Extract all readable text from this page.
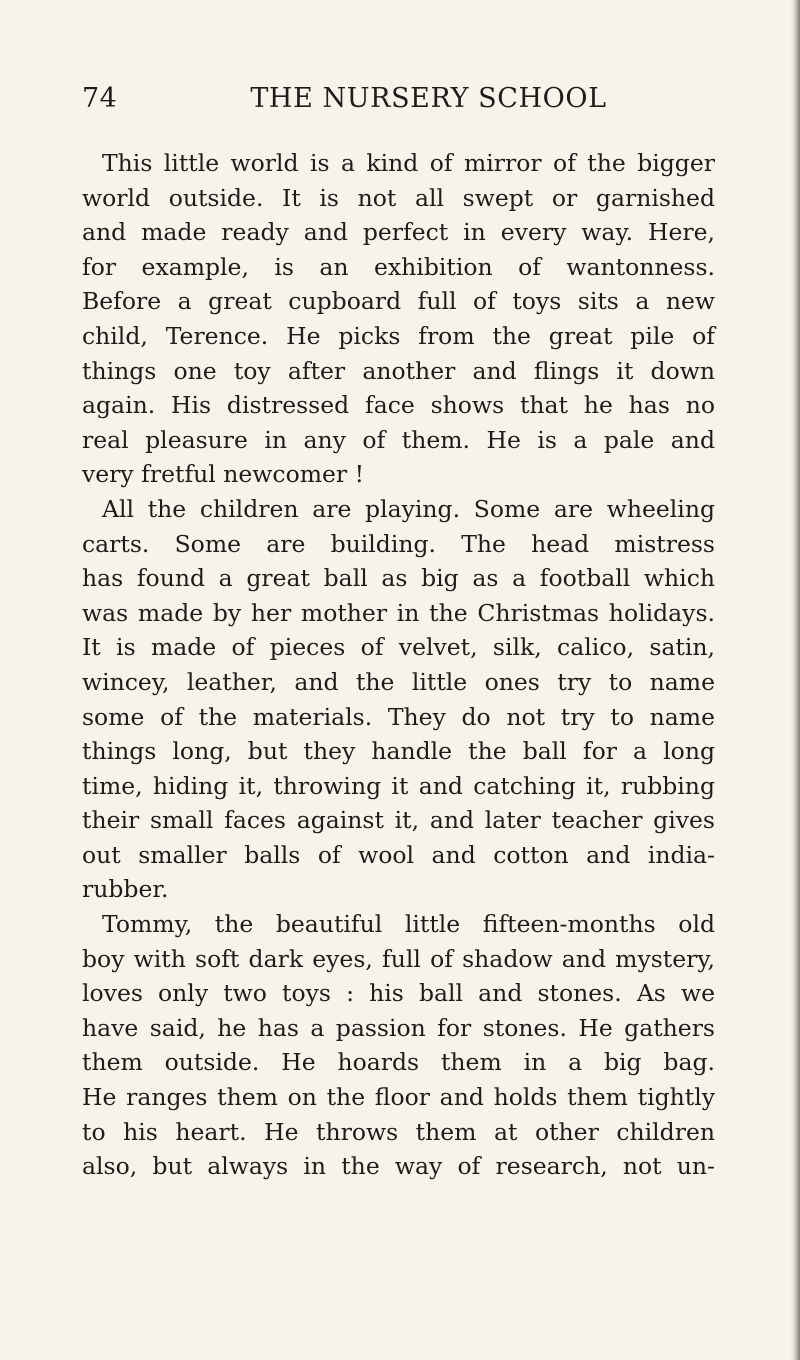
74	THE NURSERY SCHOOL
This little world is a kind of mirror of the bigger
world outside. It is not all swept or garnished
and made ready and perfect in every way. Here,
for example, is an exhibition of wantonness.
Before a great cupboard full of toys sits a new
child, Terence. He picks from the great pile of
things one toy after another and flings it down
again. His distressed face shows that he has no
real pleasure in any of them. He is a pale and
very fretful newcomer !
All the children are playing. Some are wheeling
carts. Some are building. The head mistress
has found a great ball as big as a football which
was made by her mother in the Christmas holidays.
It is made of pieces of velvet, silk, calico, satin,
wincey, leather, and the little ones try to name
some of the materials. They do not try to name
things long, but they handle the ball for a long
time, hiding it, throwing it and catching it, rubbing
their small faces against it, and later teacher gives
out smaller balls of wool and cotton and india-
rubber.
Tommy, the beautiful little fifteen-months old
boy with soft dark eyes, full of shadow and mystery,
loves only two toys : his ball and stones. As we
have said, he has a passion for stones. He gathers
them outside. He hoards them in a big bag.
He ranges them on the floor and holds them tightly
to his heart. He throws them at other children
also, but always in the way of research, not un-
